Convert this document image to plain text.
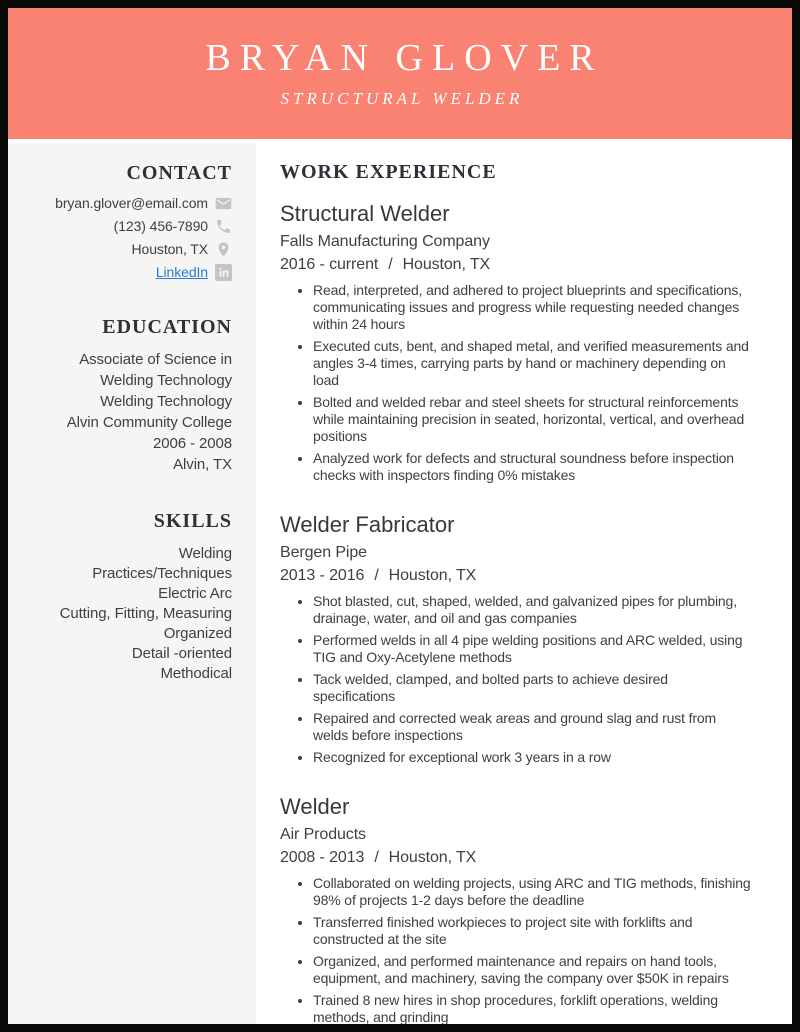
BRYAN GLOVER
STRUCTURAL WELDER
CONTACT
bryan.glover@email.com
(123) 456-7890
Houston, TX
LinkedIn
EDUCATION
Associate of Science in Welding Technology
Welding Technology
Alvin Community College
2006 - 2008
Alvin, TX
SKILLS
Welding Practices/Techniques
Electric Arc
Cutting, Fitting, Measuring
Organized
Detail -oriented
Methodical
WORK EXPERIENCE
Structural Welder
Falls Manufacturing Company
2016 - current / Houston, TX
• Read, interpreted, and adhered to project blueprints and specifications, communicating issues and progress while requesting needed changes within 24 hours
• Executed cuts, bent, and shaped metal, and verified measurements and angles 3-4 times, carrying parts by hand or machinery depending on load
• Bolted and welded rebar and steel sheets for structural reinforcements while maintaining precision in seated, horizontal, vertical, and overhead positions
• Analyzed work for defects and structural soundness before inspection checks with inspectors finding 0% mistakes
Welder Fabricator
Bergen Pipe
2013 - 2016 / Houston, TX
• Shot blasted, cut, shaped, welded, and galvanized pipes for plumbing, drainage, water, and oil and gas companies
• Performed welds in all 4 pipe welding positions and ARC welded, using TIG and Oxy-Acetylene methods
• Tack welded, clamped, and bolted parts to achieve desired specifications
• Repaired and corrected weak areas and ground slag and rust from welds before inspections
• Recognized for exceptional work 3 years in a row
Welder
Air Products
2008 - 2013 / Houston, TX
• Collaborated on welding projects, using ARC and TIG methods, finishing 98% of projects 1-2 days before the deadline
• Transferred finished workpieces to project site with forklifts and constructed at the site
• Organized, and performed maintenance and repairs on hand tools, equipment, and machinery, saving the company over $50K in repairs
• Trained 8 new hires in shop procedures, forklift operations, welding methods, and grinding
